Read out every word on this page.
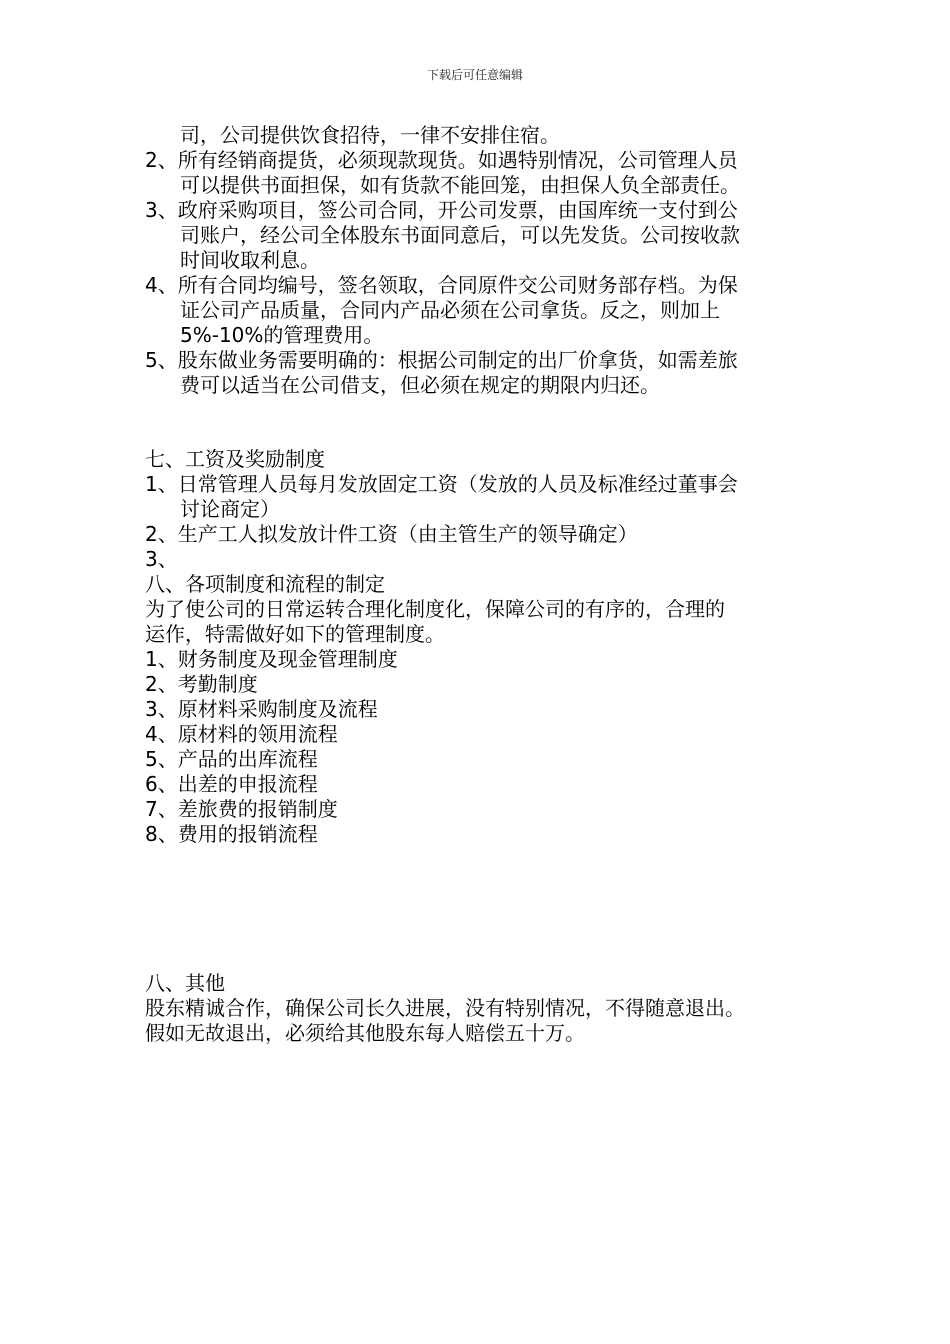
下载后可任意编辑
司，公司提供饮食招待，一律不安排住宿。
2、所有经销商提货，必须现款现货。如遇特别情况，公司管理人员
可以提供书面担保，如有货款不能回笼，由担保人负全部责任。
3、政府采购项目，签公司合同，开公司发票，由国库统一支付到公
司账户，经公司全体股东书面同意后，可以先发货。公司按收款
时间收取利息。
4、所有合同均编号，签名领取，合同原件交公司财务部存档。为保
证公司产品质量，合同内产品必须在公司拿货。反之，则加上
5%-10%的管理费用。
5、股东做业务需要明确的：根据公司制定的出厂价拿货，如需差旅
费可以适当在公司借支，但必须在规定的期限内归还。
七、工资及奖励制度
1、日常管理人员每月发放固定工资（发放的人员及标准经过董事会
讨论商定）
2、生产工人拟发放计件工资（由主管生产的领导确定）
3、
八、各项制度和流程的制定
为了使公司的日常运转合理化制度化，保障公司的有序的，合理的
运作，特需做好如下的管理制度。
1、财务制度及现金管理制度
2、考勤制度
3、原材料采购制度及流程
4、原材料的领用流程
5、产品的出库流程
6、出差的申报流程
7、差旅费的报销制度
8、费用的报销流程
八、其他
股东精诚合作，确保公司长久进展，没有特别情况，不得随意退出。
假如无故退出，必须给其他股东每人赔偿五十万。
